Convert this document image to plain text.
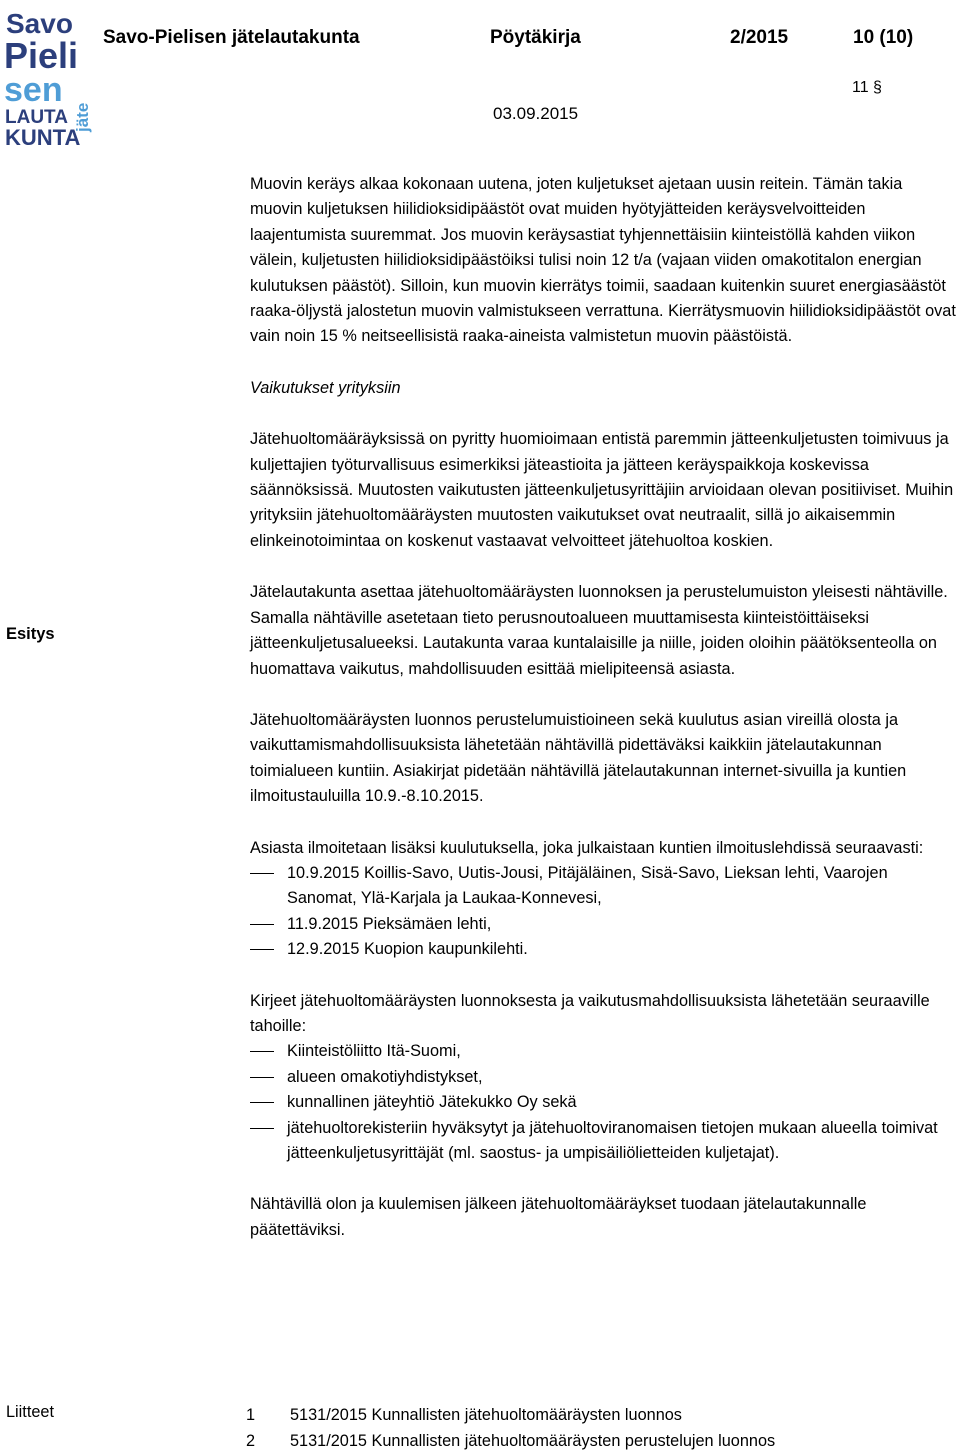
Savo
Pieli
sen
LAUTA
KUNTA
jäte
Savo-Pielisen jätelautakunta	Pöytäkirja	2/2015	10 (10)
03.09.2015
11 §
Esitys

Muovin keräys alkaa kokonaan uutena, joten kuljetukset ajetaan uusin reitein. Tämän takia muovin kuljetuksen hiilidioksidipäästöt ovat muiden hyötyjätteiden keräysvelvoitteiden laajentumista suuremmat. Jos muovin keräysastiat tyhjennettäisiin kiinteistöllä kahden viikon välein, kuljetusten hiilidioksidipäästöiksi tulisi noin 12 t/a (vajaan viiden omakotitalon energian kulutuksen päästöt). Silloin, kun muovin kierrätys toimii, saadaan kuitenkin suuret energiasäästöt raaka-öljystä jalostetun muovin valmistukseen verrattuna. Kierrätysmuovin hiilidioksidipäästöt ovat vain noin 15 % neitseellisistä raaka-aineista valmistetun muovin päästöistä.

Vaikutukset yrityksiin

Jätehuoltomääräyksissä on pyritty huomioimaan entistä paremmin jätteenkuljetusten toimivuus ja kuljettajien työturvallisuus esimerkiksi jäteastioita ja jätteen keräyspaikkoja koskevissa säännöksissä. Muutosten vaikutusten jätteenkuljetusyrittäjiin arvioidaan olevan positiiviset. Muihin yrityksiin jätehuoltomääräysten muutosten vaikutukset ovat neutraalit, sillä jo aikaisemmin elinkeinotoimintaa on koskenut vastaavat velvoitteet jätehuoltoa koskien.

Jätelautakunta asettaa jätehuoltomääräysten luonnoksen ja perustelumuiston yleisesti nähtäville. Samalla nähtäville asetetaan tieto perusnoutoalueen muuttamisesta kiinteistöittäiseksi jätteenkuljetusalueeksi. Lautakunta varaa kuntalaisille ja niille, joiden oloihin päätöksenteolla on huomattava vaikutus, mahdollisuuden esittää mielipiteensä asiasta.

Jätehuoltomääräysten luonnos perustelumuistioineen sekä kuulutus asian vireillä olosta ja vaikuttamismahdollisuuksista lähetetään nähtävillä pidettäväksi kaikkiin jätelautakunnan toimialueen kuntiin. Asiakirjat pidetään nähtävillä jätelautakunnan internet-sivuilla ja kuntien ilmoitustauluilla 10.9.-8.10.2015.

Asiasta ilmoitetaan lisäksi kuulutuksella, joka julkaistaan kuntien ilmoituslehdissä seuraavasti:

10.9.2015 Koillis-Savo, Uutis-Jousi, Pitäjäläinen, Sisä-Savo, Lieksan lehti, Vaarojen Sanomat, Ylä-Karjala ja Laukaa-Konnevesi,
11.9.2015 Pieksämäen lehti,
12.9.2015 Kuopion kaupunkilehti.

Kirjeet jätehuoltomääräysten luonnoksesta ja vaikutusmahdollisuuksista lähetetään seuraaville tahoille:

Kiinteistöliitto Itä-Suomi,
alueen omakotiyhdistykset,
kunnallinen jäteyhtiö Jätekukko Oy sekä
jätehuoltorekisteriin hyväksytyt ja jätehuoltoviranomaisen tietojen mukaan alueella toimivat jätteenkuljetusyrittäjät (ml. saostus- ja umpisäiliölietteiden kuljetajat).

Nähtävillä olon ja kuulemisen jälkeen jätehuoltomääräykset tuodaan jätelautakunnalle päätettäviksi.

Liitteet	1 5131/2015 Kunnallisten jätehuoltomääräysten luonnos
2 5131/2015 Kunnallisten jätehuoltomääräysten perustelujen luonnos
